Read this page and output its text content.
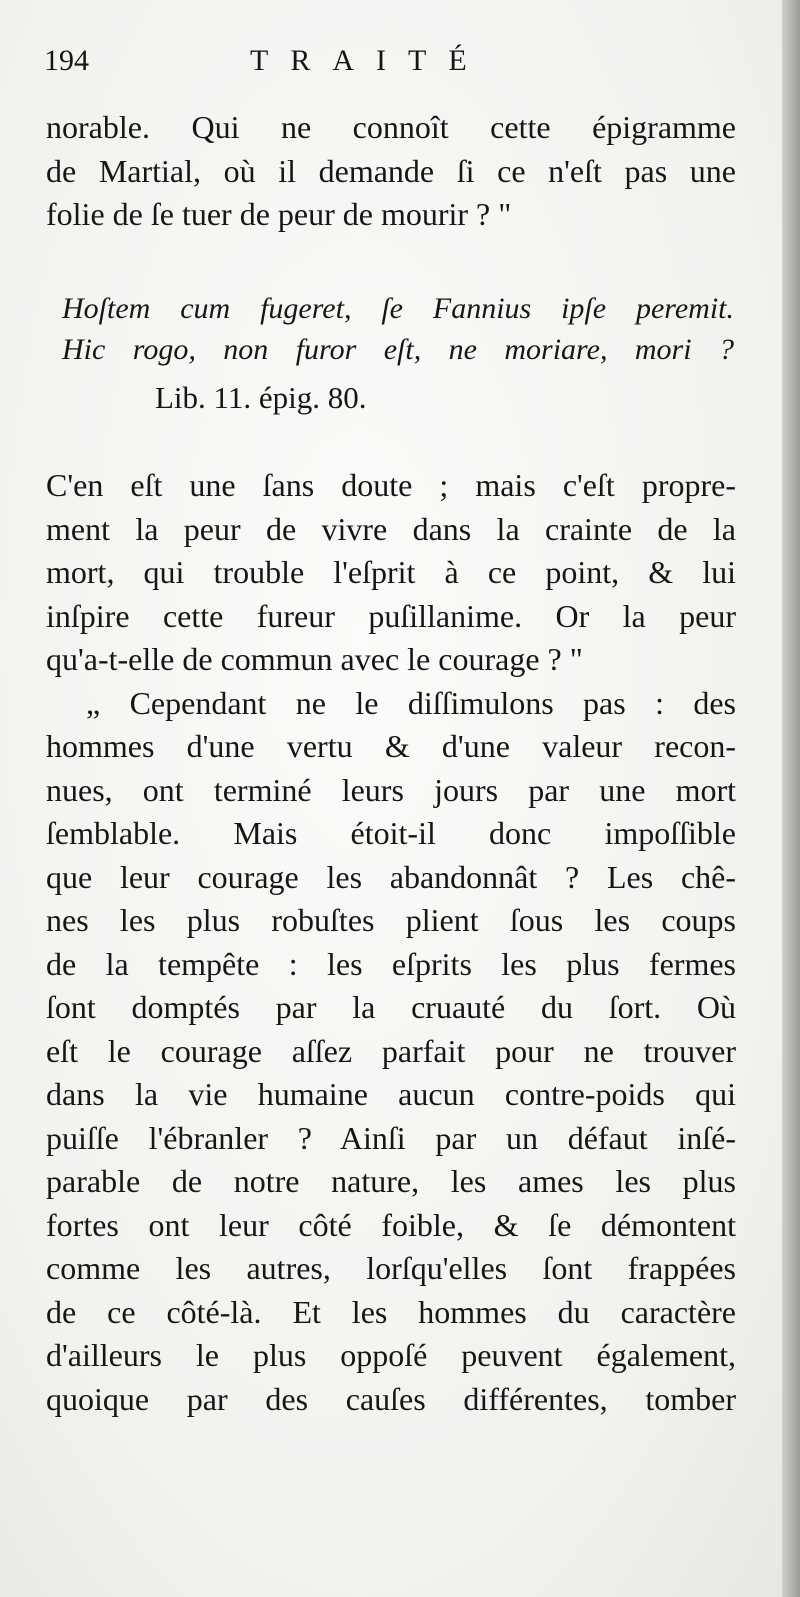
194	TRAITÉ
norable. Qui ne connoît cette épigramme
de Martial, où il demande ſi ce n'eſt pas une
folie de ſe tuer de peur de mourir ? "
Hoſtem cum fugeret, ſe Fannius ipſe peremit.
Hic rogo, non furor eſt, ne moriare, mori ?
Lib. 11. épig. 80.
C'en eſt une ſans doute ; mais c'eſt propre-
ment la peur de vivre dans la crainte de la
mort, qui trouble l'eſprit à ce point, & lui
inſpire cette fureur puſillanime. Or la peur
qu'a-t-elle de commun avec le courage ? "
„ Cependant ne le diſſimulons pas : des
hommes d'une vertu & d'une valeur recon-
nues, ont terminé leurs jours par une mort
ſemblable. Mais étoit-il donc impoſſible
que leur courage les abandonnât ? Les chê-
nes les plus robuſtes plient ſous les coups
de la tempête : les eſprits les plus fermes
ſont domptés par la cruauté du ſort. Où
eſt le courage aſſez parfait pour ne trouver
dans la vie humaine aucun contre-poids qui
puiſſe l'ébranler ? Ainſi par un défaut inſé-
parable de notre nature, les ames les plus
fortes ont leur côté foible, & ſe démontent
comme les autres, lorſqu'elles ſont frappées
de ce côté-là. Et les hommes du caractère
d'ailleurs le plus oppoſé peuvent également,
quoique par des cauſes différentes, tomber
